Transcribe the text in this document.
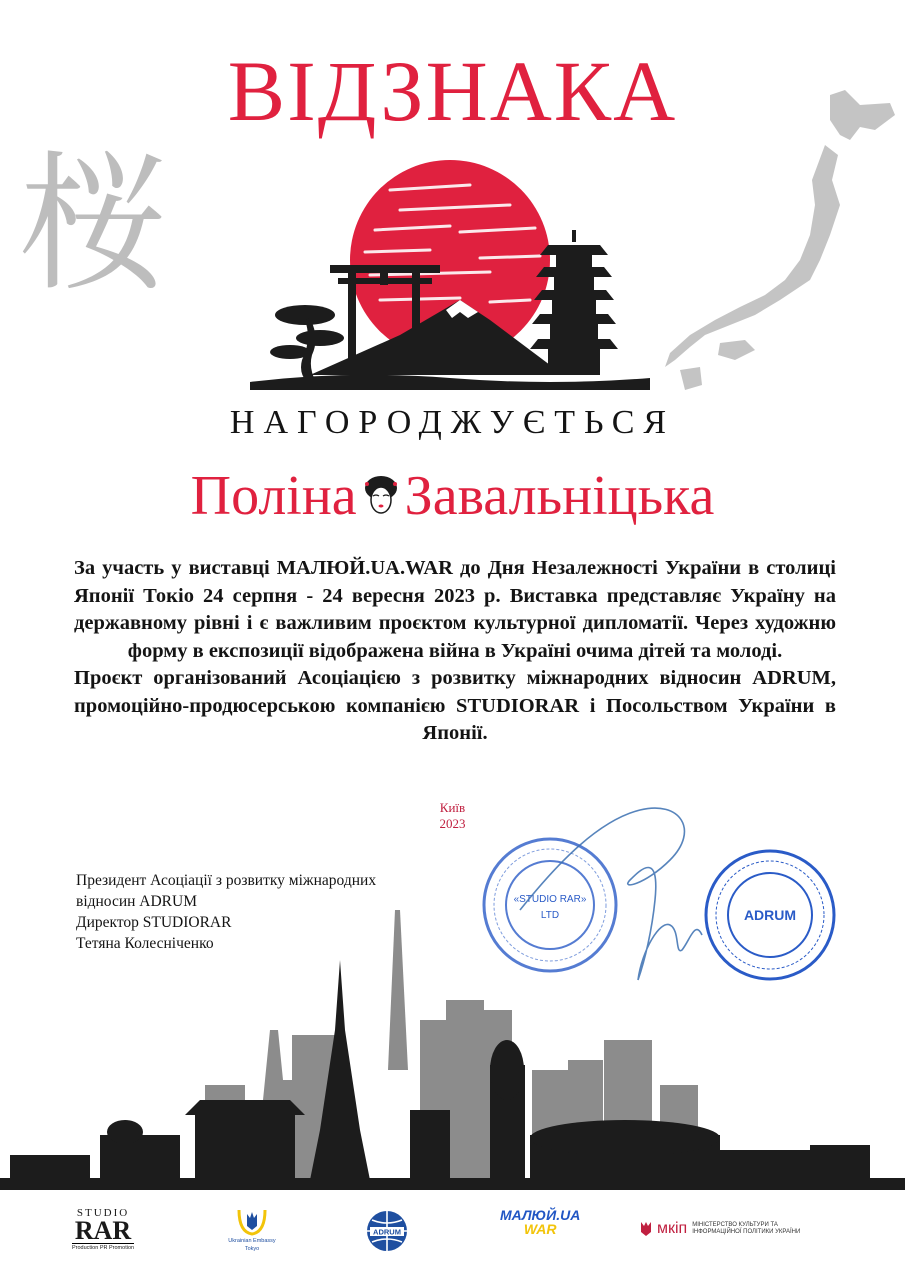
ВІДЗНАКА
桜
НАГОРОДЖУЄТЬСЯ
Поліна Завальніцька

За участь у виставці МАЛЮЙ.UA.WAR до Дня Незалежності України в столиці Японії Токіо 24 серпня - 24 вересня 2023 р. Виставка представляє Україну на державному рівні і є важливим проєктом культурної дипломатії. Через художню форму в експозиції відображена війна в Україні очима дітей та молоді.

Проєкт організований Асоціацією з розвитку міжнародних відносин ADRUM, промоційно-продюсерською компанією STUDIORAR і Посольством України в Японії.

Київ
2023
Президент Асоціації з розвитку міжнародних
відносин ADRUM
Директор STUDIORAR
Тетяна Колесніченко
«STUDIO RAR»
LTD	ADRUM
STUDIO
RAR
Production PR Promotion
Ukrainian Embassy
Tokyo
ADRUM
МАЛЮЙ.UA
WAR	мкіп МІНІСТЕРСТВО КУЛЬТУРИ ТА ІНФОРМАЦІЙНОЇ ПОЛІТИКИ УКРАЇНИ
